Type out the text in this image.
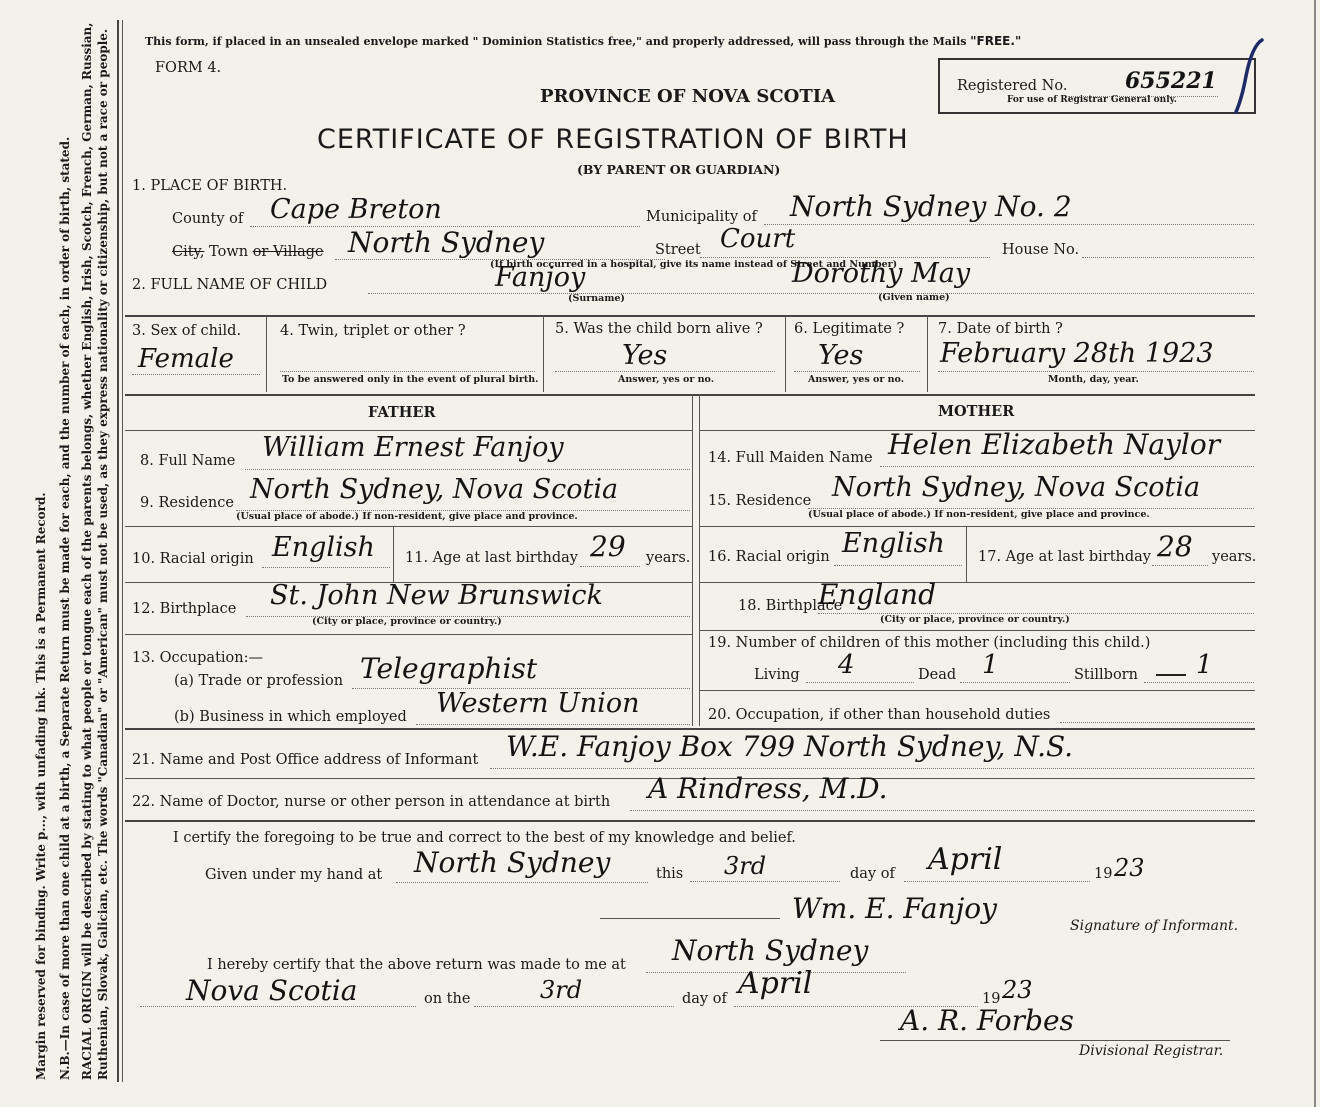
Ruthenian, Slovak, Galician, etc. The words "Canadian" or "American" must not be used, as they express nationality or citizenship, but not a race or people.
RACIAL ORIGIN will be described by stating to what people or tongue each of the parents belongs, whether English, Irish, Scotch, French, German, Russian,
N.B.—In case of more than one child at a birth, a Separate Return must be made for each, and the number of each, in order of birth, stated.
Margin reserved for binding. Write p..., with unfading ink. This is a Permanent Record.
This form, if placed in an unsealed envelope marked " Dominion Statistics free," and properly addressed, will pass through the Mails "FREE."
FORM 4.
PROVINCE OF NOVA SCOTIA
CERTIFICATE OF REGISTRATION OF BIRTH
(BY PARENT OR GUARDIAN)
Registered No.	655221
For use of Registrar General only.
1. PLACE OF BIRTH.
County of Cape Breton	Municipality of North Sydney No. 2
City, Town or Village North Sydney	Street Court	House No.
(If birth occurred in a hospital, give its name instead of Street and Number)
2. FULL NAME OF CHILD	Fanjoy
(Surname)
Dorothy May
(Given name)
3. Sex of child.
Female
4. Twin, triplet or other ?
To be answered only in the event of plural birth.
5. Was the child born alive ?
Yes
Answer, yes or no.
6. Legitimate ?
Yes
Answer, yes or no.
7. Date of birth ?
February 28th 1923
Month, day, year.
FATHER	MOTHER
8. Full Name William Ernest Fanjoy
9. Residence North Sydney, Nova Scotia
(Usual place of abode.) If non-resident, give place and province.
10. Racial origin English 11. Age at last birthday 29 years.
12. Birthplace St. John New Brunswick
(City or place, province or country.)
13. Occupation:—
(a) Trade or profession Telegraphist
(b) Business in which employed Western Union
14. Full Maiden Name Helen Elizabeth Naylor
15. Residence North Sydney, Nova Scotia
(Usual place of abode.) If non-resident, give place and province.
16. Racial origin English 17. Age at last birthday 28 years.
18. Birthplace
England
(City or place, province or country.)
19. Number of children of this mother (including this child.)
Living 4	Dead 1	Stillborn 1
20. Occupation, if other than household duties
21. Name and Post Office address of Informant W.E. Fanjoy Box 799 North Sydney, N.S.
22. Name of Doctor, nurse or other person in attendance at birth A Rindress, M.D.
I certify the foregoing to be true and correct to the best of my knowledge and belief.
Given under my hand at North Sydney	this 3rd	day of April	19 23
Wm. E. Fanjoy
Signature of Informant.
I hereby certify that the above return was made to me at North Sydney
Nova Scotia	on the	3rd	day of April	19 23
A. R. Forbes
Divisional Registrar.
